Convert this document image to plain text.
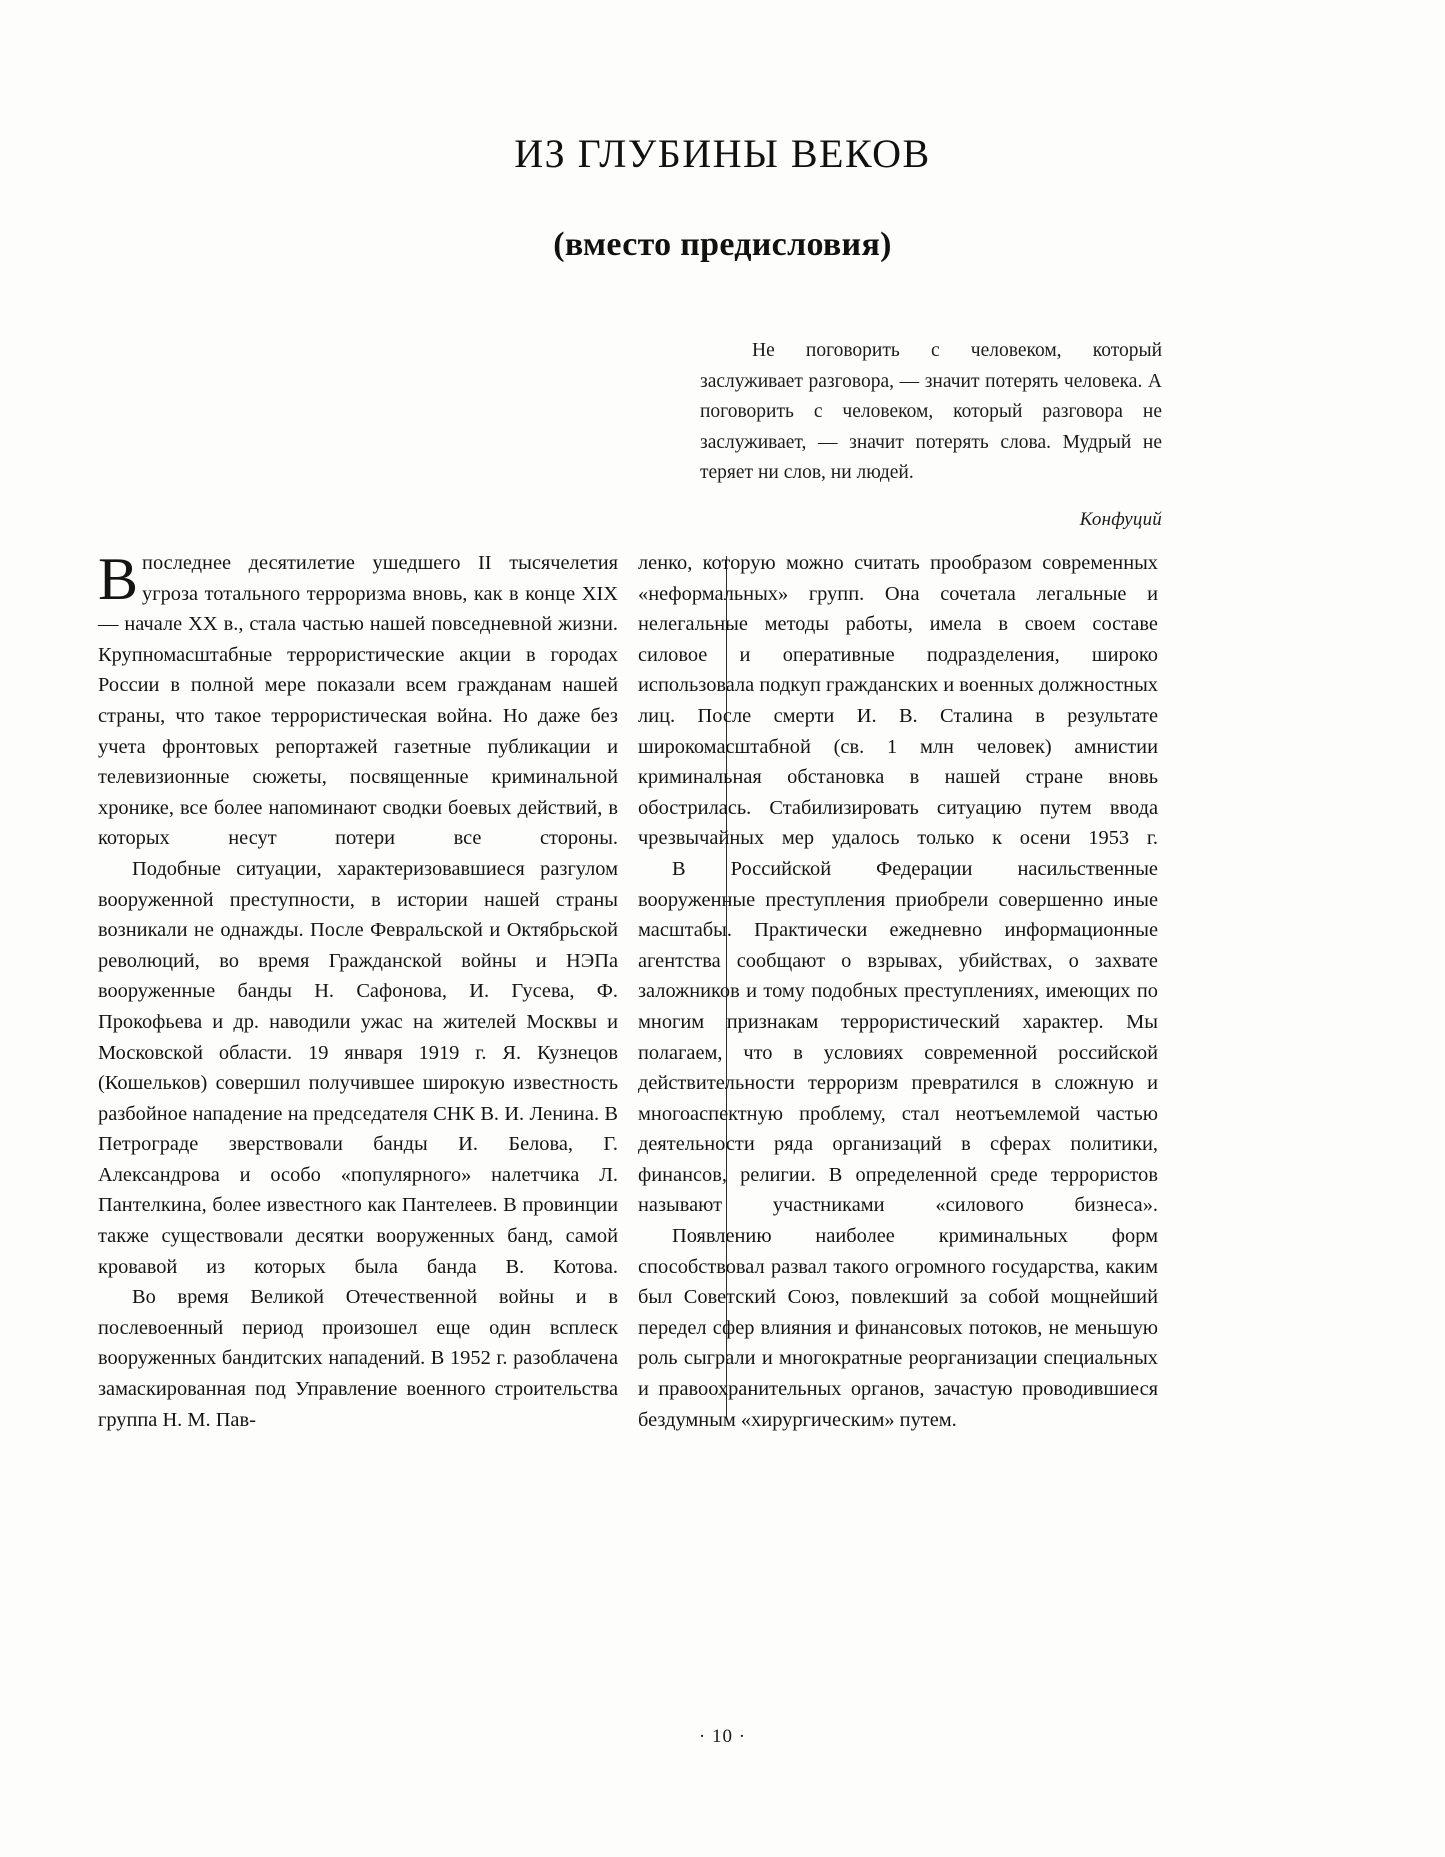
ИЗ ГЛУБИНЫ ВЕКОВ
(вместо предисловия)

Не поговорить с человеком, который заслуживает разговора, — значит потерять человека. А поговорить с человеком, который разговора не заслуживает, — значит потерять слова. Мудрый не теряет ни слов, ни людей.

Конфуций

Впоследнее десятилетие ушедшего II тысячелетия угроза тотального терроризма вновь, как в конце XIX — начале XX в., стала частью нашей повседневной жизни. Крупномасштабные террористические акции в городах России в полной мере показали всем гражданам нашей страны, что такое террористическая война. Но даже без учета фронтовых репортажей газетные публикации и телевизионные сюжеты, посвященные криминальной хронике, все более напоминают сводки боевых действий, в которых несут потери все стороны.

Подобные ситуации, характеризовавшиеся разгулом вооруженной преступности, в истории нашей страны возникали не однажды. После Февральской и Октябрьской революций, во время Гражданской войны и НЭПа вооруженные банды Н. Сафонова, И. Гусева, Ф. Прокофьева и др. наводили ужас на жителей Москвы и Московской области. 19 января 1919 г. Я. Кузнецов (Кошельков) совершил получившее широкую известность разбойное нападение на председателя СНК В. И. Ленина. В Петрограде зверствовали банды И. Белова, Г. Александрова и особо «популярного» налетчика Л. Пантелкина, более известного как Пантелеев. В провинции также существовали десятки вооруженных банд, самой кровавой из которых была банда В. Котова.

Во время Великой Отечественной войны и в послевоенный период произошел еще один всплеск вооруженных бандитских нападений. В 1952 г. разоблачена замаскированная под Управление военного строительства группа Н. М. Пав-

ленко, которую можно считать прообразом современных «неформальных» групп. Она сочетала легальные и нелегальные методы работы, имела в своем составе силовое и оперативные подразделения, широко использовала подкуп гражданских и военных должностных лиц. После смерти И. В. Сталина в результате широкомасштабной (св. 1 млн человек) амнистии криминальная обстановка в нашей стране вновь обострилась. Стабилизировать ситуацию путем ввода чрезвычайных мер удалось только к осени 1953 г.

В Российской Федерации насильственные вооруженные преступления приобрели совершенно иные масштабы. Практически ежедневно информационные агентства сообщают о взрывах, убийствах, о захвате заложников и тому подобных преступлениях, имеющих по многим признакам террористический характер. Мы полагаем, что в условиях современной российской действительности терроризм превратился в сложную и многоаспектную проблему, стал неотъемлемой частью деятельности ряда организаций в сферах политики, финансов, религии. В определенной среде террористов называют участниками «силового бизнеса».

Появлению наиболее криминальных форм способствовал развал такого огромного государства, каким был Советский Союз, повлекший за собой мощнейший передел сфер влияния и финансовых потоков, не меньшую роль сыграли и многократные реорганизации специальных и правоохранительных органов, зачастую проводившиеся бездумным «хирургическим» путем.

· 10 ·
